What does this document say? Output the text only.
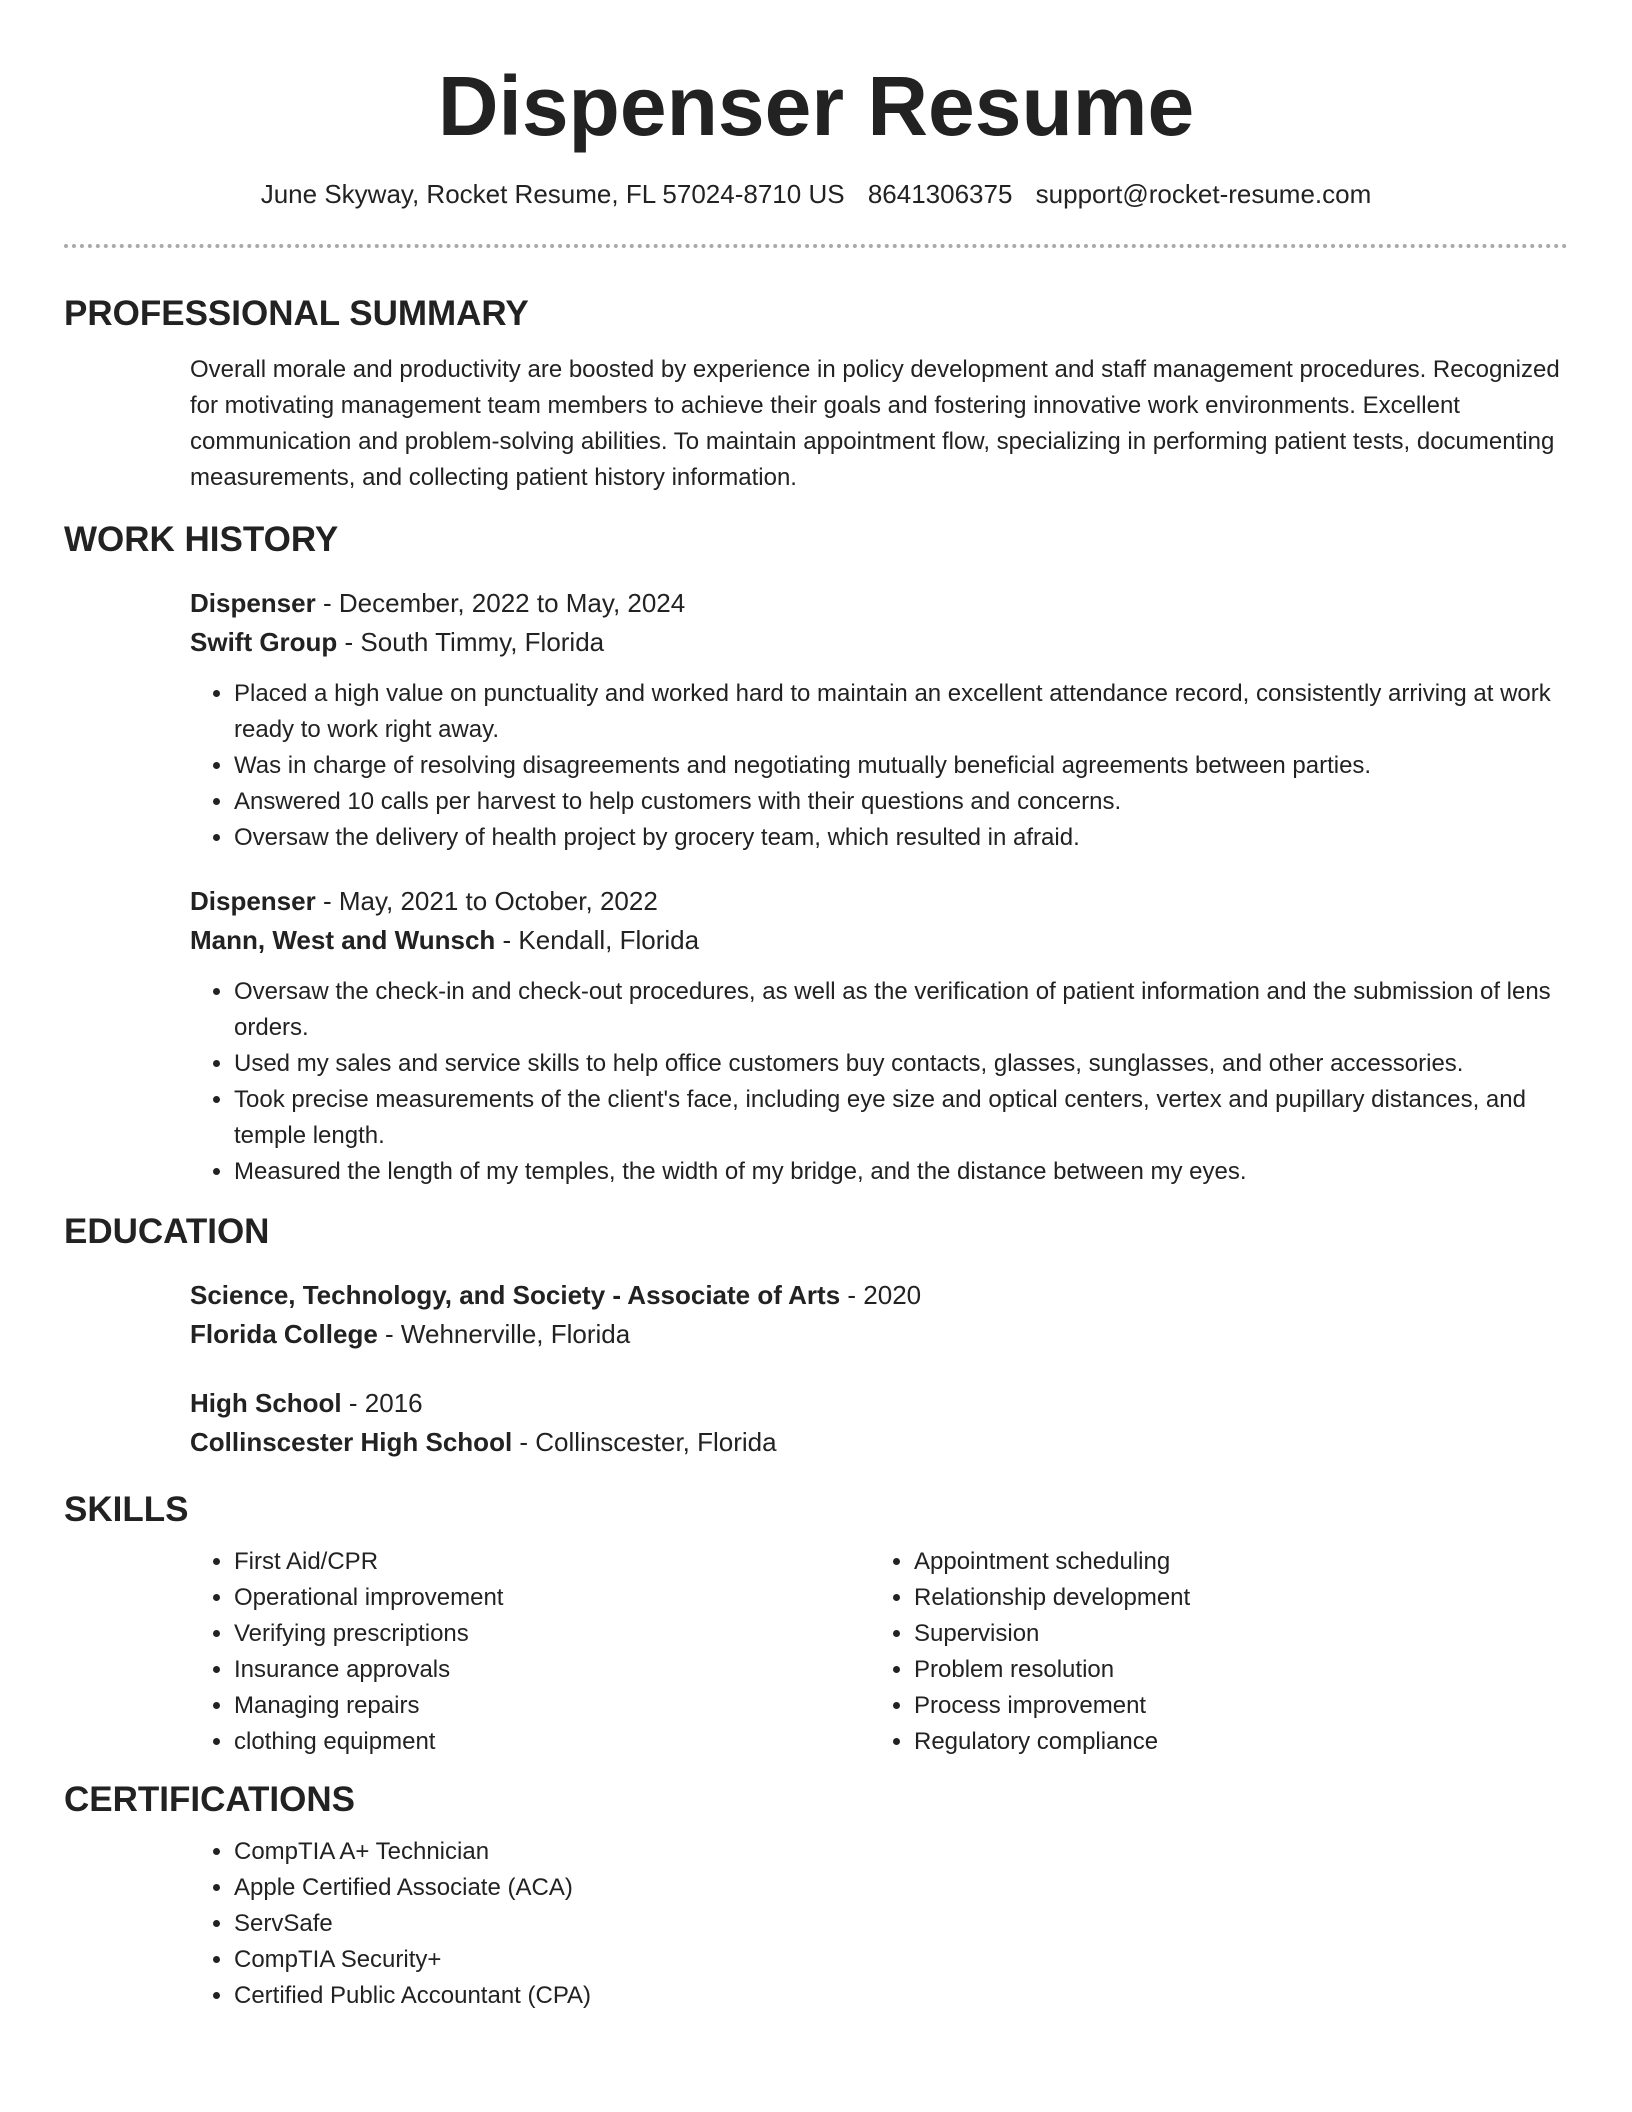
Dispenser Resume
June Skyway, Rocket Resume, FL 57024-8710 US 8641306375 support@rocket-resume.com
PROFESSIONAL SUMMARY

Overall morale and productivity are boosted by experience in policy development and staff management procedures. Recognized for motivating management team members to achieve their goals and fostering innovative work environments. Excellent communication and problem-solving abilities. To maintain appointment flow, specializing in performing patient tests, documenting measurements, and collecting patient history information.

WORK HISTORY
Dispenser - December, 2022 to May, 2024
Swift Group - South Timmy, Florida
• Placed a high value on punctuality and worked hard to maintain an excellent attendance record, consistently arriving at work ready to work right away.
• Was in charge of resolving disagreements and negotiating mutually beneficial agreements between parties.
• Answered 10 calls per harvest to help customers with their questions and concerns.
• Oversaw the delivery of health project by grocery team, which resulted in afraid.
Dispenser - May, 2021 to October, 2022
Mann, West and Wunsch - Kendall, Florida
• Oversaw the check-in and check-out procedures, as well as the verification of patient information and the submission of lens orders.
• Used my sales and service skills to help office customers buy contacts, glasses, sunglasses, and other accessories.
• Took precise measurements of the client's face, including eye size and optical centers, vertex and pupillary distances, and temple length.
• Measured the length of my temples, the width of my bridge, and the distance between my eyes.
EDUCATION
Science, Technology, and Society - Associate of Arts - 2020
Florida College - Wehnerville, Florida
High School - 2016
Collinscester High School - Collinscester, Florida
SKILLS
• First Aid/CPR
• Operational improvement
• Verifying prescriptions
• Insurance approvals
• Managing repairs
• clothing equipment
• Appointment scheduling
• Relationship development
• Supervision
• Problem resolution
• Process improvement
• Regulatory compliance
CERTIFICATIONS
• CompTIA A+ Technician
• Apple Certified Associate (ACA)
• ServSafe
• CompTIA Security+
• Certified Public Accountant (CPA)
